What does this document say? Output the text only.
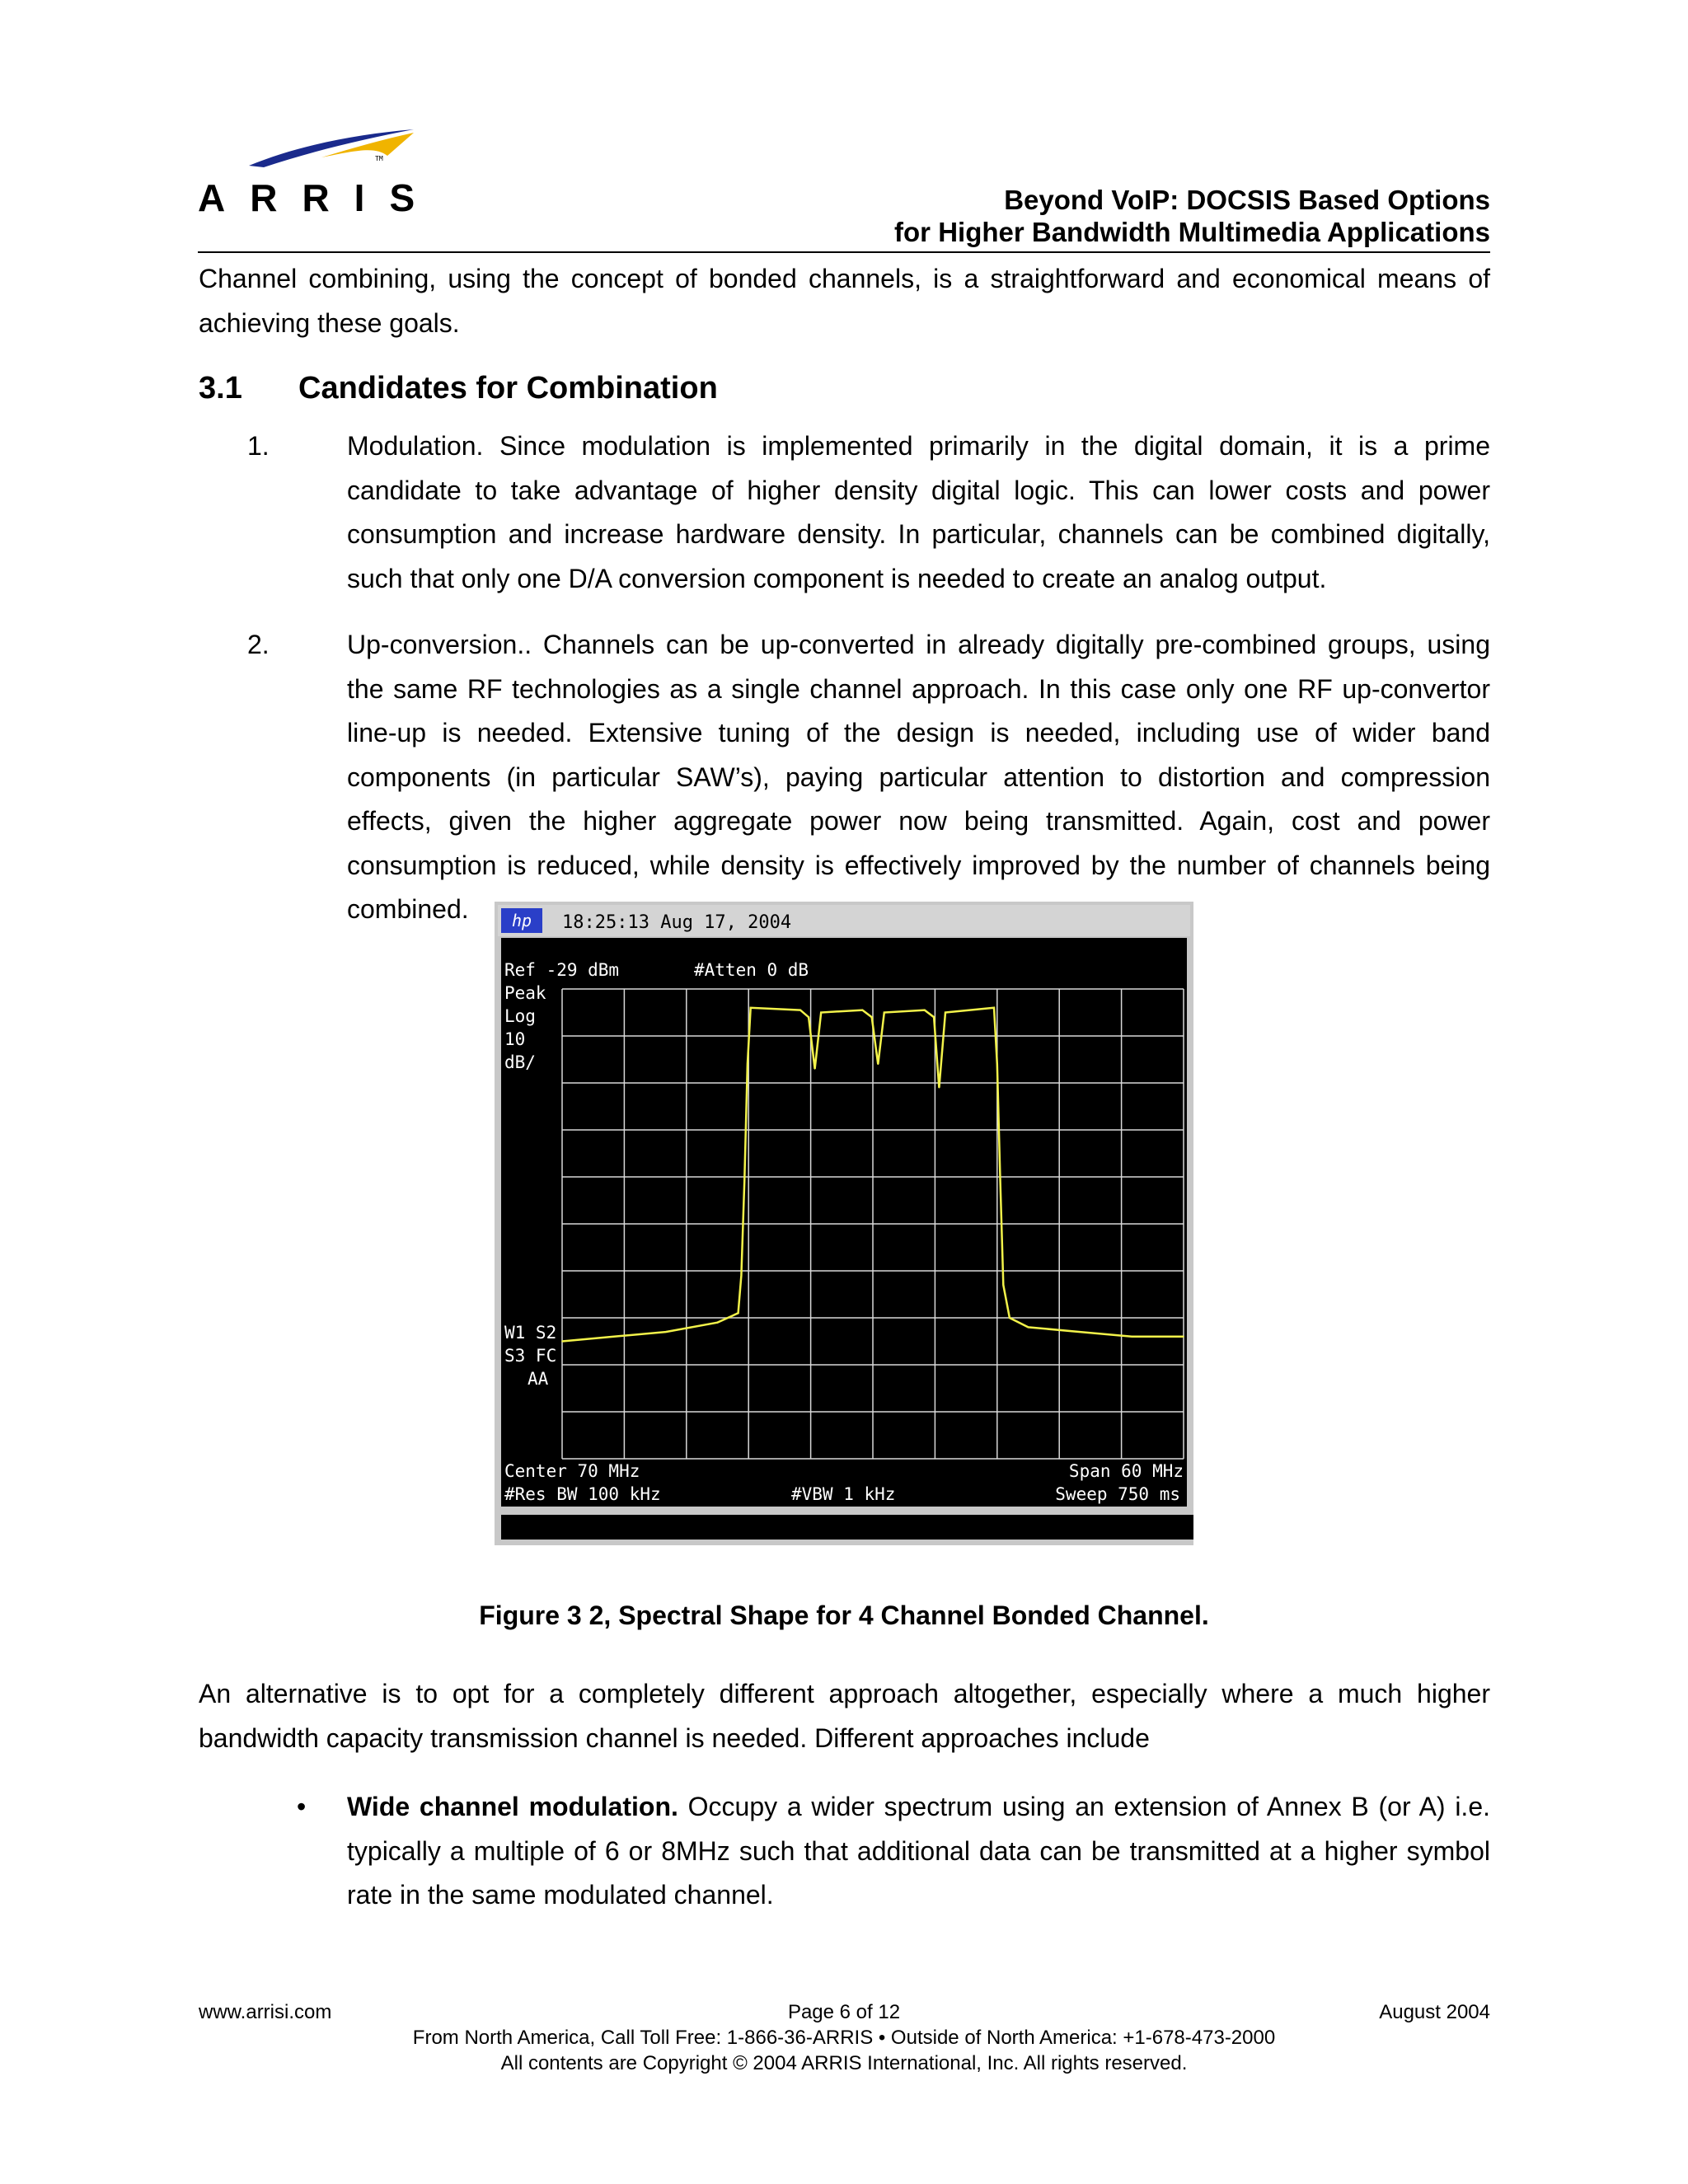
TM
ARRIS	Beyond VoIP: DOCSIS Based Options
for Higher Bandwidth Multimedia Applications
Channel combining, using the concept of bonded channels, is a straightforward and economical means of achieving these goals.
3.1 Candidates for Combination
1.	Modulation. Since modulation is implemented primarily in the digital domain, it is a prime candidate to take advantage of higher density digital logic. This can lower costs and power consumption and increase hardware density. In particular, channels can be combined digitally, such that only one D/A conversion component is needed to create an analog output.
2.	Up-conversion.. Channels can be up-converted in already digitally pre-combined groups, using the same RF technologies as a single channel approach. In this case only one RF up-convertor line-up is needed. Extensive tuning of the design is needed, including use of wider band components (in particular SAW’s), paying particular attention to distortion and compression effects, given the higher aggregate power now being transmitted. Again, cost and power consumption is reduced, while density is effectively improved by the number of channels being combined.	hp 18:25:13 Aug 17, 2004
Ref -29 dBm	#Atten 0 dB
Peak
Log
10
dB/
W1 S2
S3 FC
AA
Center 70 MHz	Span 60 MHz
#Res BW 100 kHz	#VBW 1 kHz	Sweep 750 ms
Figure 3 2, Spectral Shape for 4 Channel Bonded Channel.
An alternative is to opt for a completely different approach altogether, especially where a much higher bandwidth capacity transmission channel is needed. Different approaches include
• Wide channel modulation. Occupy a wider spectrum using an extension of Annex B (or A) i.e. typically a multiple of 6 or 8MHz such that additional data can be transmitted at a higher symbol rate in the same modulated channel.
www.arrisi.com	Page 6 of 12	August 2004
From North America, Call Toll Free: 1-866-36-ARRIS • Outside of North America: +1-678-473-2000
All contents are Copyright © 2004 ARRIS International, Inc. All rights reserved.
